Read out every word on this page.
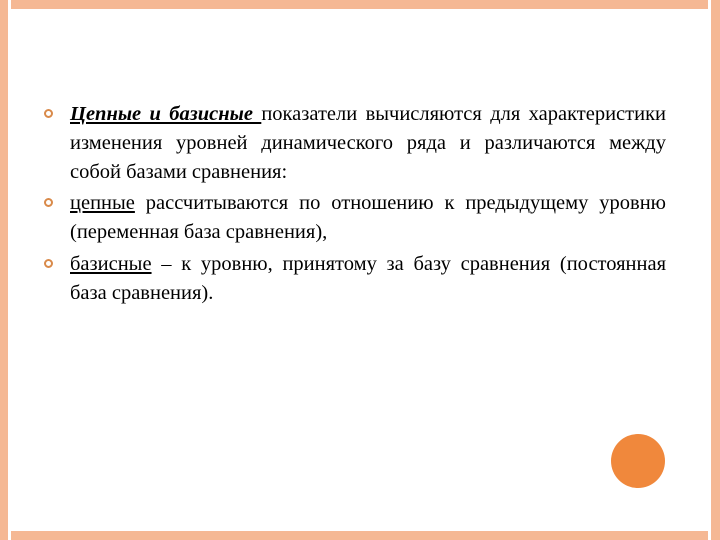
Цепные и базисные показатели вычисляются для характеристики изменения уровней динамического ряда и различаются между собой базами сравнения:
цепные рассчитываются по отношению к предыдущему уровню (переменная база сравнения),
базисные – к уровню, принятому за базу сравнения (постоянная база сравнения).
